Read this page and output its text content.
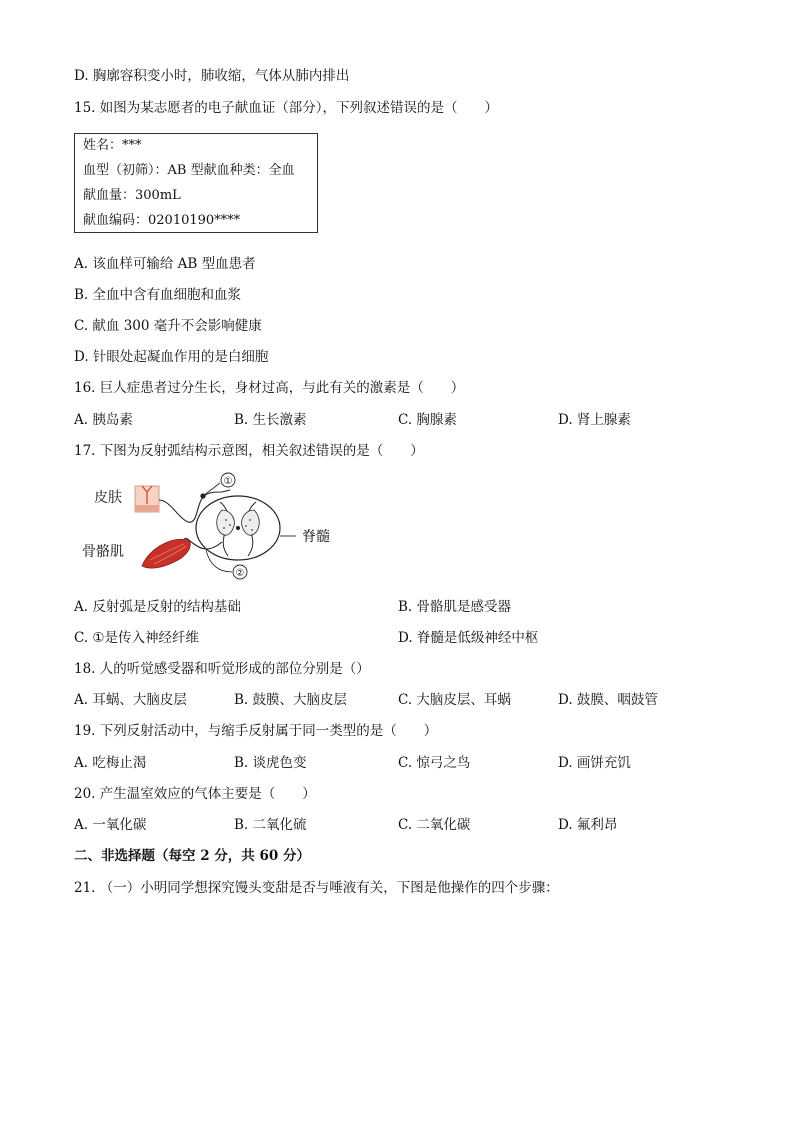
D. 胸廓容积变小时，肺收缩，气体从肺内排出
15. 如图为某志愿者的电子献血证（部分），下列叙述错误的是（　　）
姓名：***
血型（初筛）：AB 型献血种类：全血
献血量：300mL
献血编码：02010190****
A. 该血样可输给 AB 型血患者
B. 全血中含有血细胞和血浆
C. 献血 300 毫升不会影响健康
D. 针眼处起凝血作用的是白细胞
16. 巨人症患者过分生长，身材过高，与此有关的激素是（　　）
A. 胰岛素	B. 生长激素	C. 胸腺素	D. 肾上腺素
17. 下图为反射弧结构示意图，相关叙述错误的是（　　）
皮肤
①
脊髓
②
骨骼肌
A. 反射弧是反射的结构基础	B. 骨骼肌是感受器
C. ①是传入神经纤维	D. 脊髓是低级神经中枢
18. 人的听觉感受器和听觉形成的部位分别是（）
A. 耳蜗、大脑皮层	B. 鼓膜、大脑皮层	C. 大脑皮层、耳蜗	D. 鼓膜、咽鼓管
19. 下列反射活动中，与缩手反射属于同一类型的是（　　）
A. 吃梅止渴	B. 谈虎色变	C. 惊弓之鸟	D. 画饼充饥
20. 产生温室效应的气体主要是（　　）
A. 一氧化碳	B. 二氧化硫	C. 二氧化碳	D. 氟利昂
二、非选择题（每空 2 分，共 60 分）
21. （一）小明同学想探究馒头变甜是否与唾液有关，下图是他操作的四个步骤：
